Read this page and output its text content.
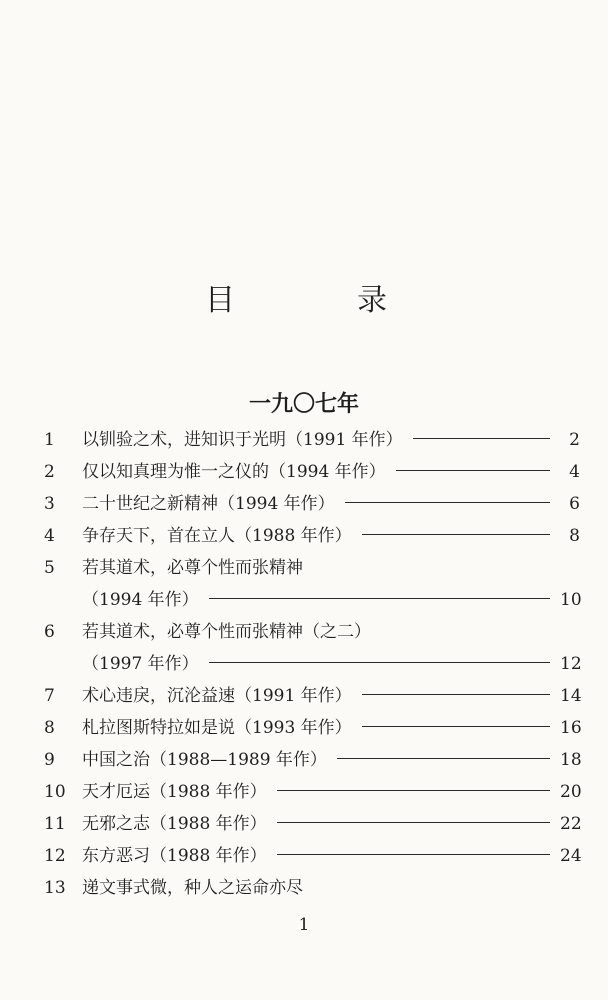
目　录
一九〇七年
1	以钏验之术，进知识于光明（1991 年作）	2
2	仅以知真理为惟一之仪的（1994 年作）	4
3	二十世纪之新精神（1994 年作）	6
4	争存天下，首在立人（1988 年作）	8
5	若其道术，必尊个性而张精神
（1994 年作）	10
6	若其道术，必尊个性而张精神（之二）
（1997 年作）	12
7	术心违戾，沉沦益速（1991 年作）	14
8	札拉图斯特拉如是说（1993 年作）	16
9	中国之治（1988—1989 年作）	18
10 天才厄运（1988 年作）	20
11 无邪之志（1988 年作）	22
12 东方恶习（1988 年作）	24
13 递文事式微，种人之运命亦尽
1
